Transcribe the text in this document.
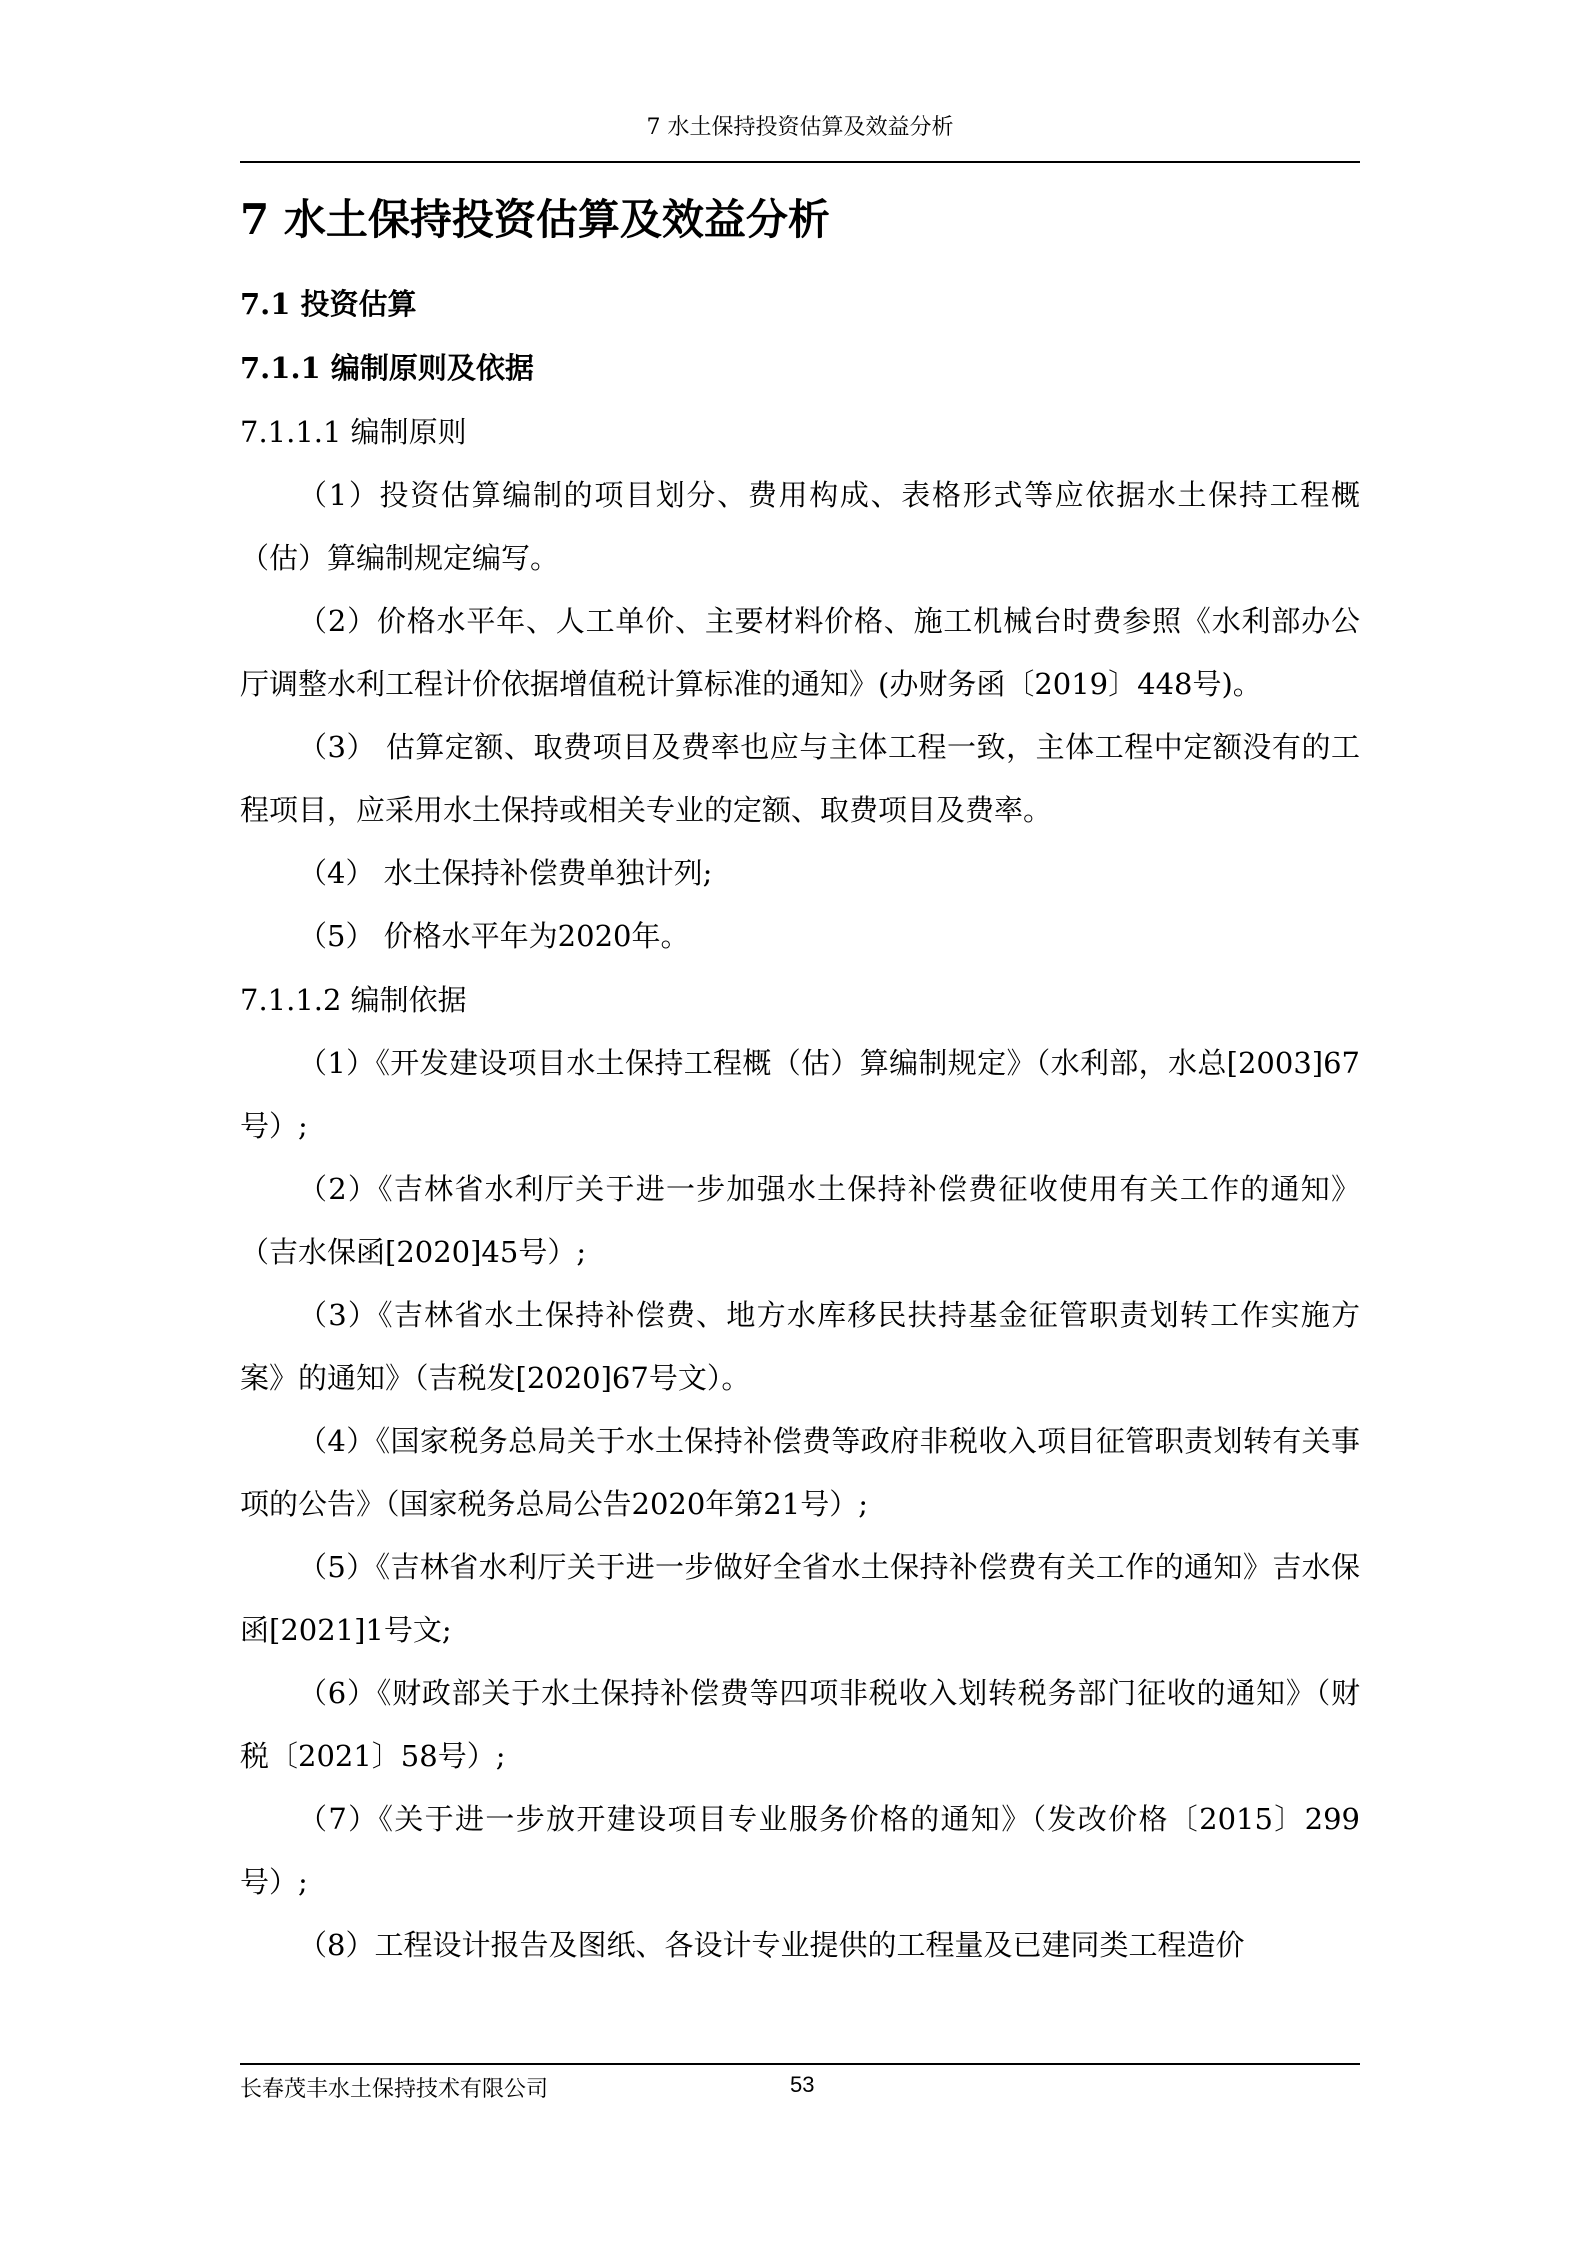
7 水土保持投资估算及效益分析
7 水土保持投资估算及效益分析
7.1 投资估算
7.1.1 编制原则及依据
7.1.1.1 编制原则

（1）投资估算编制的项目划分、费用构成、表格形式等应依据水土保持工程概（估）算编制规定编写。

（2）价格水平年、人工单价、主要材料价格、施工机械台时费参照《水利部办公厅调整水利工程计价依据增值税计算标准的通知》(办财务函〔2019〕448号)。

（3） 估算定额、取费项目及费率也应与主体工程一致，主体工程中定额没有的工程项目，应采用水土保持或相关专业的定额、取费项目及费率。

（4） 水土保持补偿费单独计列;

（5） 价格水平年为2020年。

7.1.1.2 编制依据

（1）《开发建设项目水土保持工程概（估）算编制规定》（水利部，水总[2003]67号）;

（2）《吉林省水利厅关于进一步加强水土保持补偿费征收使用有关工作的通知》（吉水保函[2020]45号）;

（3）《吉林省水土保持补偿费、地方水库移民扶持基金征管职责划转工作实施方案》的通知》（吉税发[2020]67号文）。

（4）《国家税务总局关于水土保持补偿费等政府非税收入项目征管职责划转有关事项的公告》（国家税务总局公告2020年第21号）;

（5）《吉林省水利厅关于进一步做好全省水土保持补偿费有关工作的通知》吉水保函[2021]1号文;

（6）《财政部关于水土保持补偿费等四项非税收入划转税务部门征收的通知》（财税〔2021〕58号）;

（7）《关于进一步放开建设项目专业服务价格的通知》（发改价格〔2015〕299号）;

（8）工程设计报告及图纸、各设计专业提供的工程量及已建同类工程造价

长春茂丰水土保持技术有限公司	53
